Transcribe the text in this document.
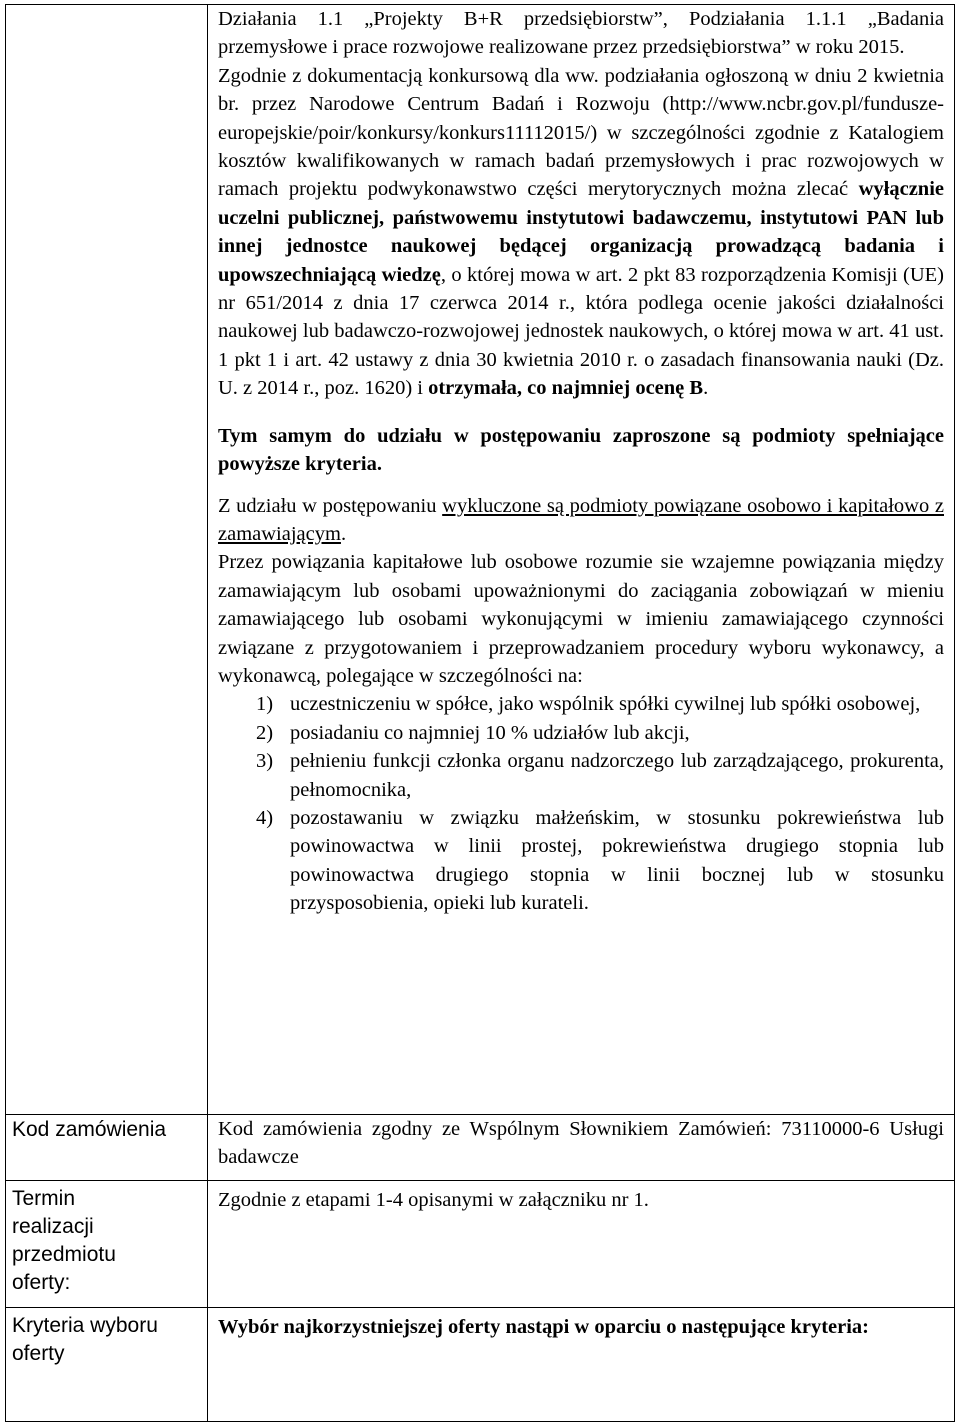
Działania 1.1 „Projekty B+R przedsiębiorstw”, Podziałania 1.1.1 „Badania przemysłowe i prace rozwojowe realizowane przez przedsiębiorstwa” w roku 2015.

Zgodnie z dokumentacją konkursową dla ww. podziałania ogłoszoną w dniu 2 kwietnia br. przez Narodowe Centrum Badań i Rozwoju (http://www.ncbr.gov.pl/fundusze-europejskie/poir/konkursy/konkurs11112015/) w szczególności zgodnie z Katalogiem kosztów kwalifikowanych w ramach badań przemysłowych i prac rozwojowych w ramach projektu podwykonawstwo części merytorycznych można zlecać wyłącznie uczelni publicznej, państwowemu instytutowi badawczemu, instytutowi PAN lub innej jednostce naukowej będącej organizacją prowadzącą badania i upowszechniającą wiedzę, o której mowa w art. 2 pkt 83 rozporządzenia Komisji (UE) nr 651/2014 z dnia 17 czerwca 2014 r., która podlega ocenie jakości działalności naukowej lub badawczo-rozwojowej jednostek naukowych, o której mowa w art. 41 ust. 1 pkt 1 i art. 42 ustawy z dnia 30 kwietnia 2010 r. o zasadach finansowania nauki (Dz. U. z 2014 r., poz. 1620) i otrzymała, co najmniej ocenę B.

Tym samym do udziału w postępowaniu zaproszone są podmioty spełniające powyższe kryteria.

Z udziału w postępowaniu wykluczone są podmioty powiązane osobowo i kapitałowo z zamawiającym.

Przez powiązania kapitałowe lub osobowe rozumie sie wzajemne powiązania między zamawiającym lub osobami upoważnionymi do zaciągania zobowiązań w mieniu zamawiającego lub osobami wykonującymi w imieniu zamawiającego czynności związane z przygotowaniem i przeprowadzaniem procedury wyboru wykonawcy, a wykonawcą, polegające w szczególności na:

1) uczestniczeniu w spółce, jako wspólnik spółki cywilnej lub spółki osobowej,
2) posiadaniu co najmniej 10 % udziałów lub akcji,
3) pełnieniu funkcji członka organu nadzorczego lub zarządzającego, prokurenta, pełnomocnika,
4) pozostawaniu w związku małżeńskim, w stosunku pokrewieństwa lub powinowactwa w linii prostej, pokrewieństwa drugiego stopnia lub powinowactwa drugiego stopnia w linii bocznej lub w stosunku przysposobienia, opieki lub kurateli.
Kod zamówienia	Kod zamówienia zgodny ze Wspólnym Słownikiem Zamówień: 73110000-6 Usługi badawcze
Termin realizacji przedmiotu oferty:
Zgodnie z etapami 1-4 opisanymi w załączniku nr 1.
Kryteria wyboru oferty
Wybór najkorzystniejszej oferty nastąpi w oparciu o następujące kryteria:
